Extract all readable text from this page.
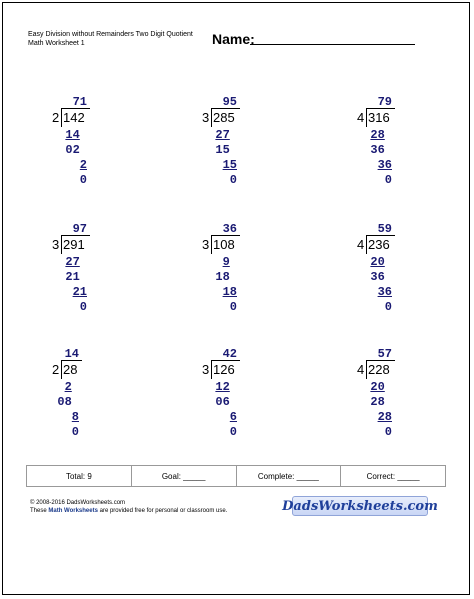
Easy Division without Remainders Two Digit Quotient
Math Worksheet 1	Name:
2 142
71
14
02
2
0
3 285
95
27
15
15
0
4 316
79
28
36
36
0
3 291
97
27
21
21
0
3 108
36
9
18
18
0
4 236
59
20
36
36
0
2 28
14
2
08
8
0
3 126
42
12
06
6
0
4 228
57
20
28
28
0
Total: 9	Goal: _____	Complete: _____	Correct: _____
© 2008-2016 DadsWorksheets.com
These Math Worksheets are provided free for personal or classroom use.	DadsWorksheets.com
